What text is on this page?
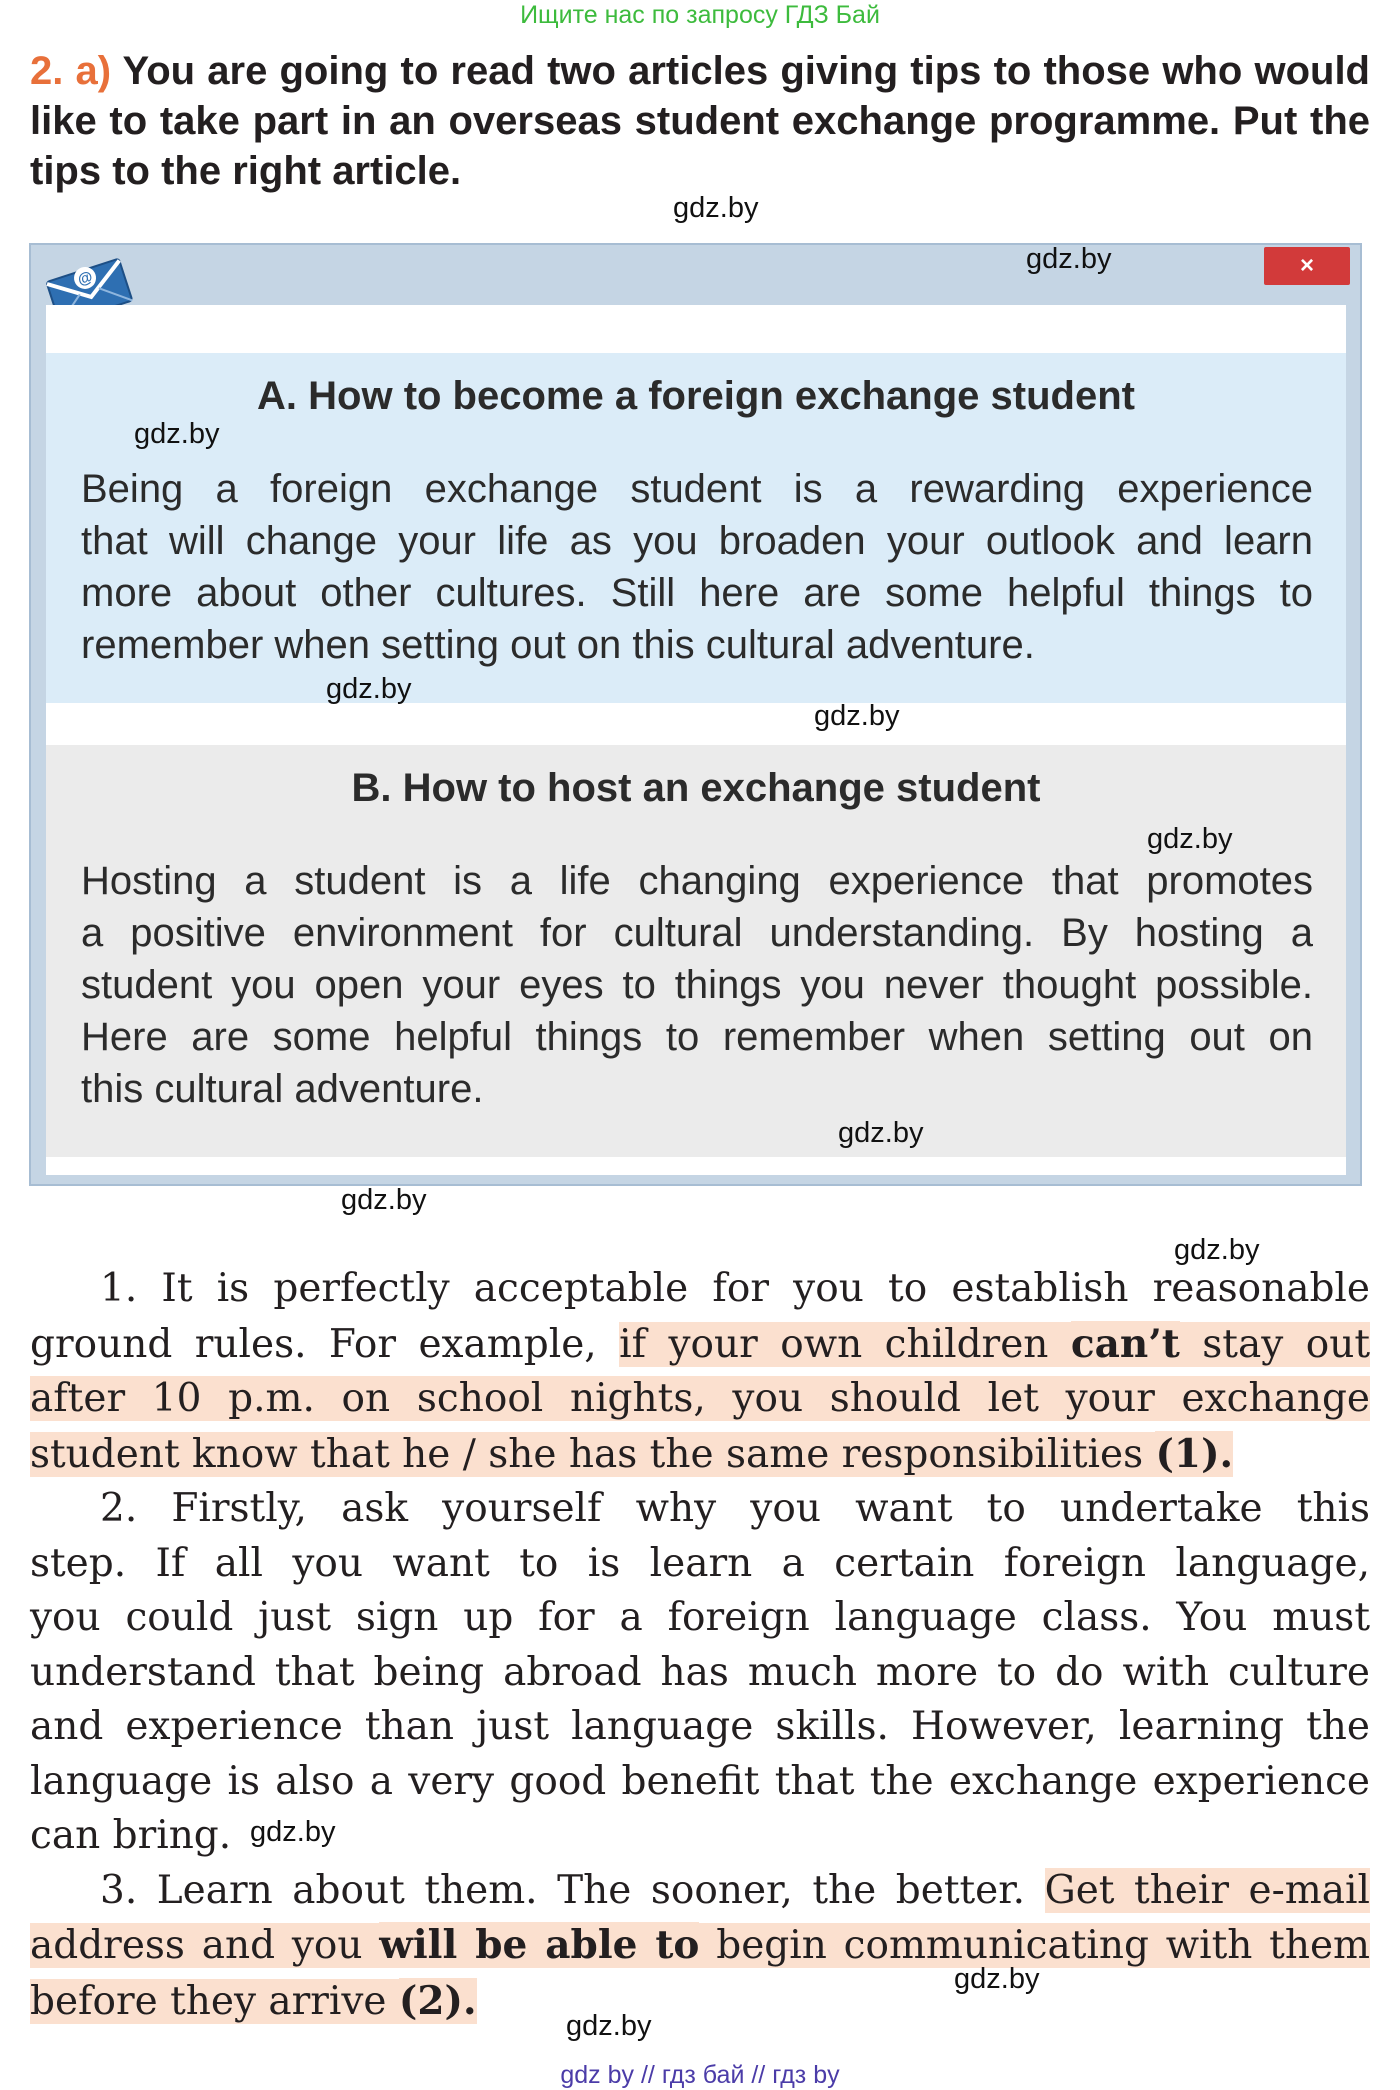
Ищите нас по запросу ГДЗ Бай
2. a) You are going to read two articles giving tips to those who would like to take part in an overseas student exchange programme. Put the tips to the right article.
gdz.by
@
gdz.by	×
A. How to become a foreign exchange student
gdz.by
Being a foreign exchange student is a rewarding experience
that will change your life as you broaden your outlook and learn
more about other cultures. Still here are some helpful things to
remember when setting out on this cultural adventure.
gdz.by
gdz.by
B. How to host an exchange student
gdz.by
Hosting a student is a life changing experience that promotes
a positive environment for cultural understanding. By hosting a
student you open your eyes to things you never thought possible.
Here are some helpful things to remember when setting out on
this cultural adventure.
gdz.by
gdz.by
gdz.by
1. It is perfectly acceptable for you to establish reasonable
ground rules. For example, if your own children can’t stay out
after 10 p.m. on school nights, you should let your exchange
student know that he / she has the same responsibilities (1).
2. Firstly, ask yourself why you want to undertake this
step. If all you want to is learn a certain foreign language,
you could just sign up for a foreign language class. You must
understand that being abroad has much more to do with culture
and experience than just language skills. However, learning the
language is also a very good benefit that the exchange experience
can bring.
3. Learn about them. The sooner, the better. Get their e-mail
address and you will be able to begin communicating with them
before they arrive (2).
gdz.by
gdz.by
gdz.by
gdz by // гдз бай // гдз by
